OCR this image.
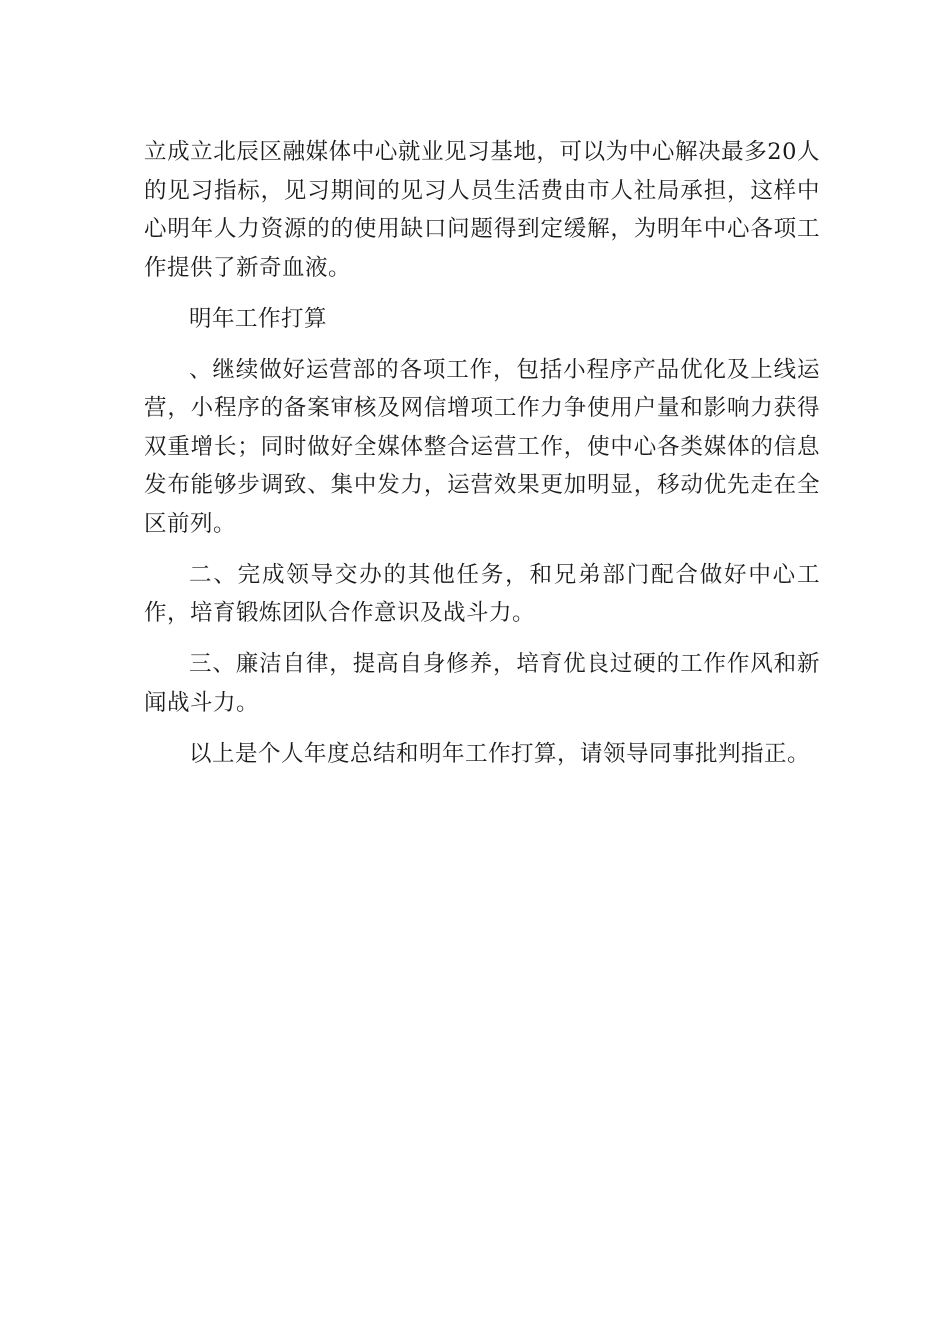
立成立北辰区融媒体中心就业见习基地，可以为中心解决最多20人的见习指标，见习期间的见习人员生活费由市人社局承担，这样中心明年人力资源的的使用缺口问题得到定缓解，为明年中心各项工作提供了新奇血液。

明年工作打算

、继续做好运营部的各项工作，包括小程序产品优化及上线运营，小程序的备案审核及网信增项工作力争使用户量和影响力获得双重增长；同时做好全媒体整合运营工作，使中心各类媒体的信息发布能够步调致、集中发力，运营效果更加明显，移动优先走在全区前列。

二、完成领导交办的其他任务，和兄弟部门配合做好中心工作，培育锻炼团队合作意识及战斗力。

三、廉洁自律，提高自身修养，培育优良过硬的工作作风和新闻战斗力。

以上是个人年度总结和明年工作打算，请领导同事批判指正。
